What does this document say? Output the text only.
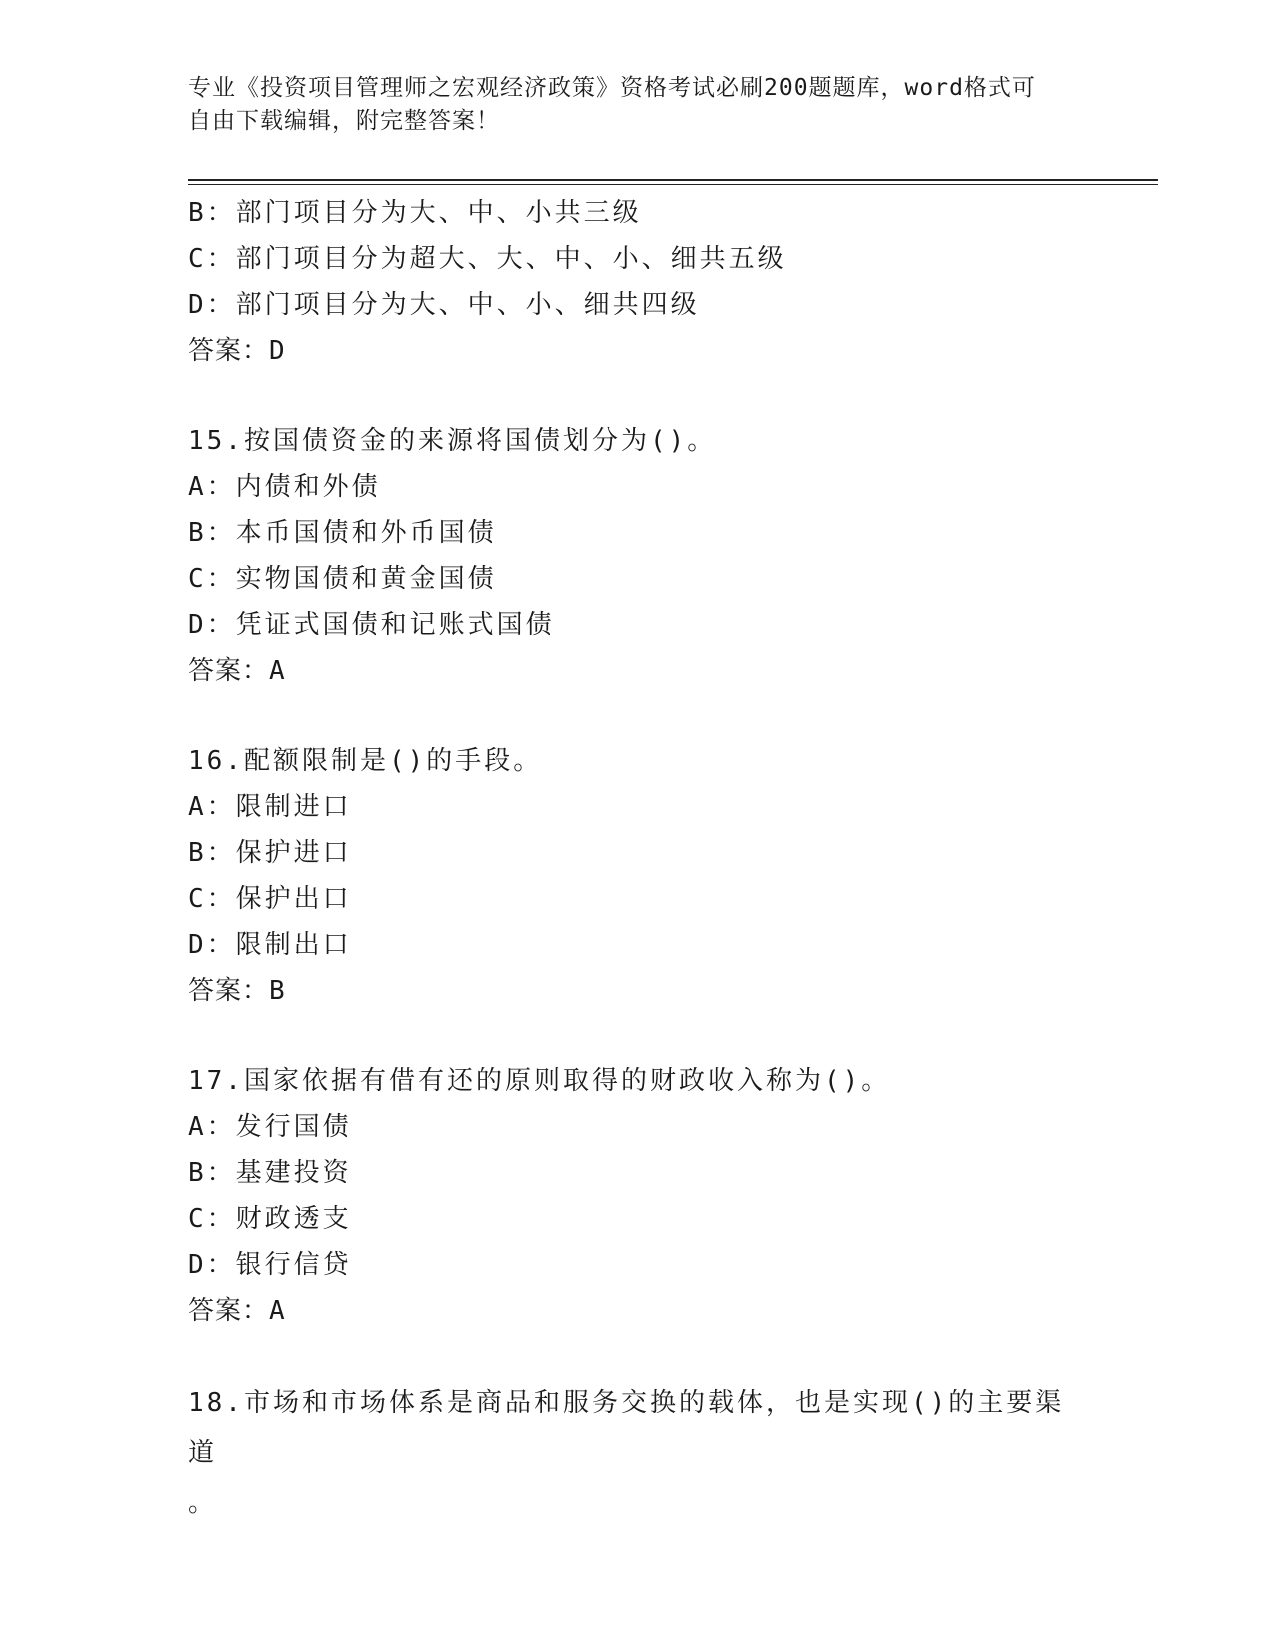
专业《投资项目管理师之宏观经济政策》资格考试必刷200题题库，word格式可
自由下载编辑，附完整答案！
B：部门项目分为大、中、小共三级
C：部门项目分为超大、大、中、小、细共五级
D：部门项目分为大、中、小、细共四级
答案：D
15.按国债资金的来源将国债划分为()。
A：内债和外债
B：本币国债和外币国债
C：实物国债和黄金国债
D：凭证式国债和记账式国债
答案：A
16.配额限制是()的手段。
A：限制进口
B：保护进口
C：保护出口
D：限制出口
答案：B
17.国家依据有借有还的原则取得的财政收入称为()。
A：发行国债
B：基建投资
C：财政透支
D：银行信贷
答案：A
18.市场和市场体系是商品和服务交换的载体，也是实现()的主要渠道
。
